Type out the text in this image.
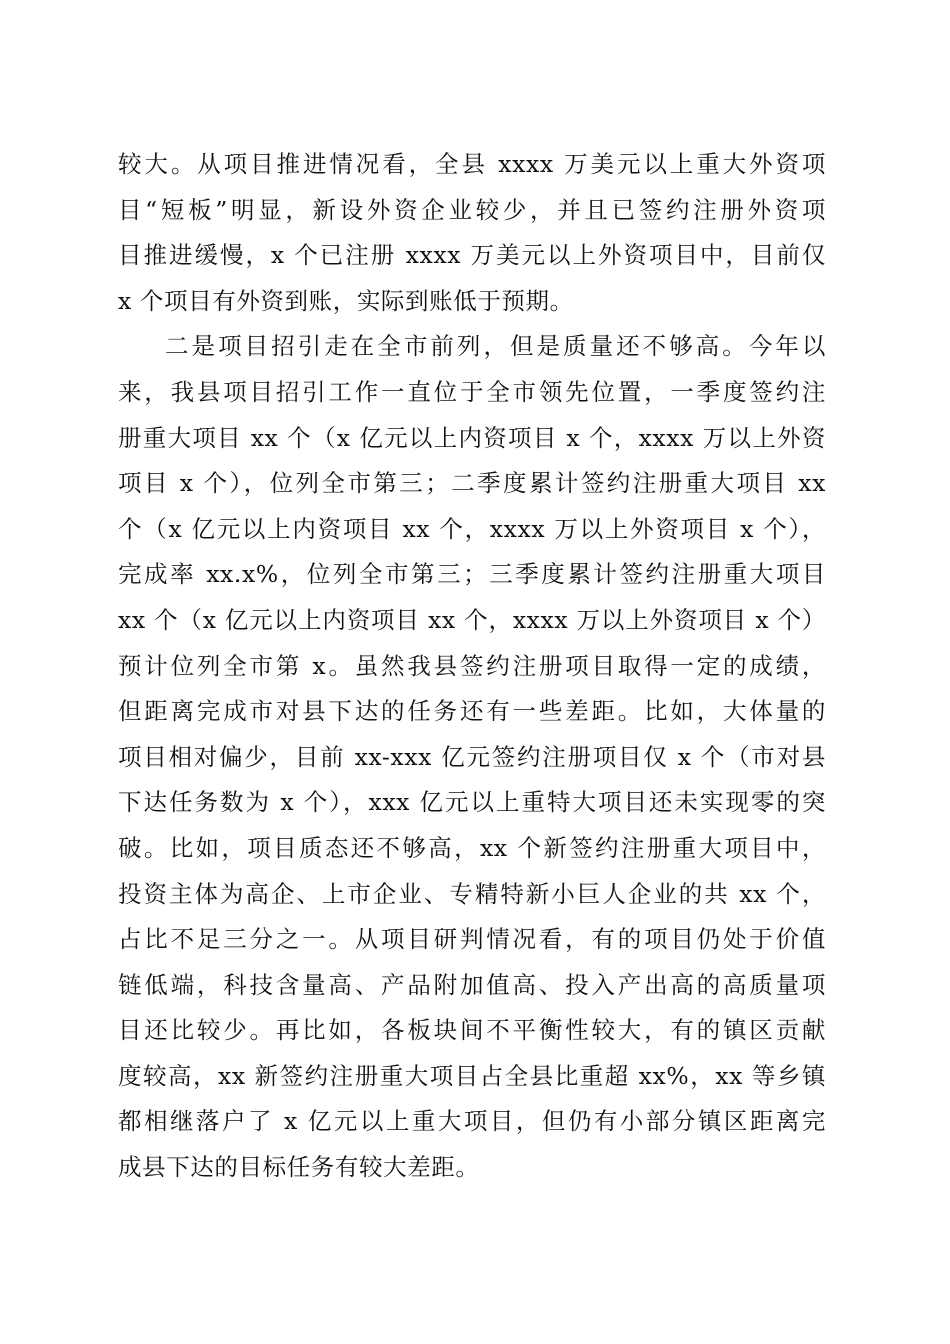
较大。从项目推进情况看，全县 xxxx 万美元以上重大外资项
目“短板”明显，新设外资企业较少，并且已签约注册外资项
目推进缓慢，x 个已注册 xxxx 万美元以上外资项目中，目前仅
x 个项目有外资到账，实际到账低于预期。
二是项目招引走在全市前列，但是质量还不够高。今年以
来，我县项目招引工作一直位于全市领先位置，一季度签约注
册重大项目 xx 个（x 亿元以上内资项目 x 个，xxxx 万以上外资
项目 x 个），位列全市第三；二季度累计签约注册重大项目 xx
个（x 亿元以上内资项目 xx 个，xxxx 万以上外资项目 x 个），
完成率 xx.x%，位列全市第三；三季度累计签约注册重大项目
xx 个（x 亿元以上内资项目 xx 个，xxxx 万以上外资项目 x 个）
预计位列全市第 x。虽然我县签约注册项目取得一定的成绩，
但距离完成市对县下达的任务还有一些差距。比如，大体量的
项目相对偏少，目前 xx-xxx 亿元签约注册项目仅 x 个（市对县
下达任务数为 x 个），xxx 亿元以上重特大项目还未实现零的突
破。比如，项目质态还不够高，xx 个新签约注册重大项目中，
投资主体为高企、上市企业、专精特新小巨人企业的共 xx 个，
占比不足三分之一。从项目研判情况看，有的项目仍处于价值
链低端，科技含量高、产品附加值高、投入产出高的高质量项
目还比较少。再比如，各板块间不平衡性较大，有的镇区贡献
度较高，xx 新签约注册重大项目占全县比重超 xx%，xx 等乡镇
都相继落户了 x 亿元以上重大项目，但仍有小部分镇区距离完
成县下达的目标任务有较大差距。
